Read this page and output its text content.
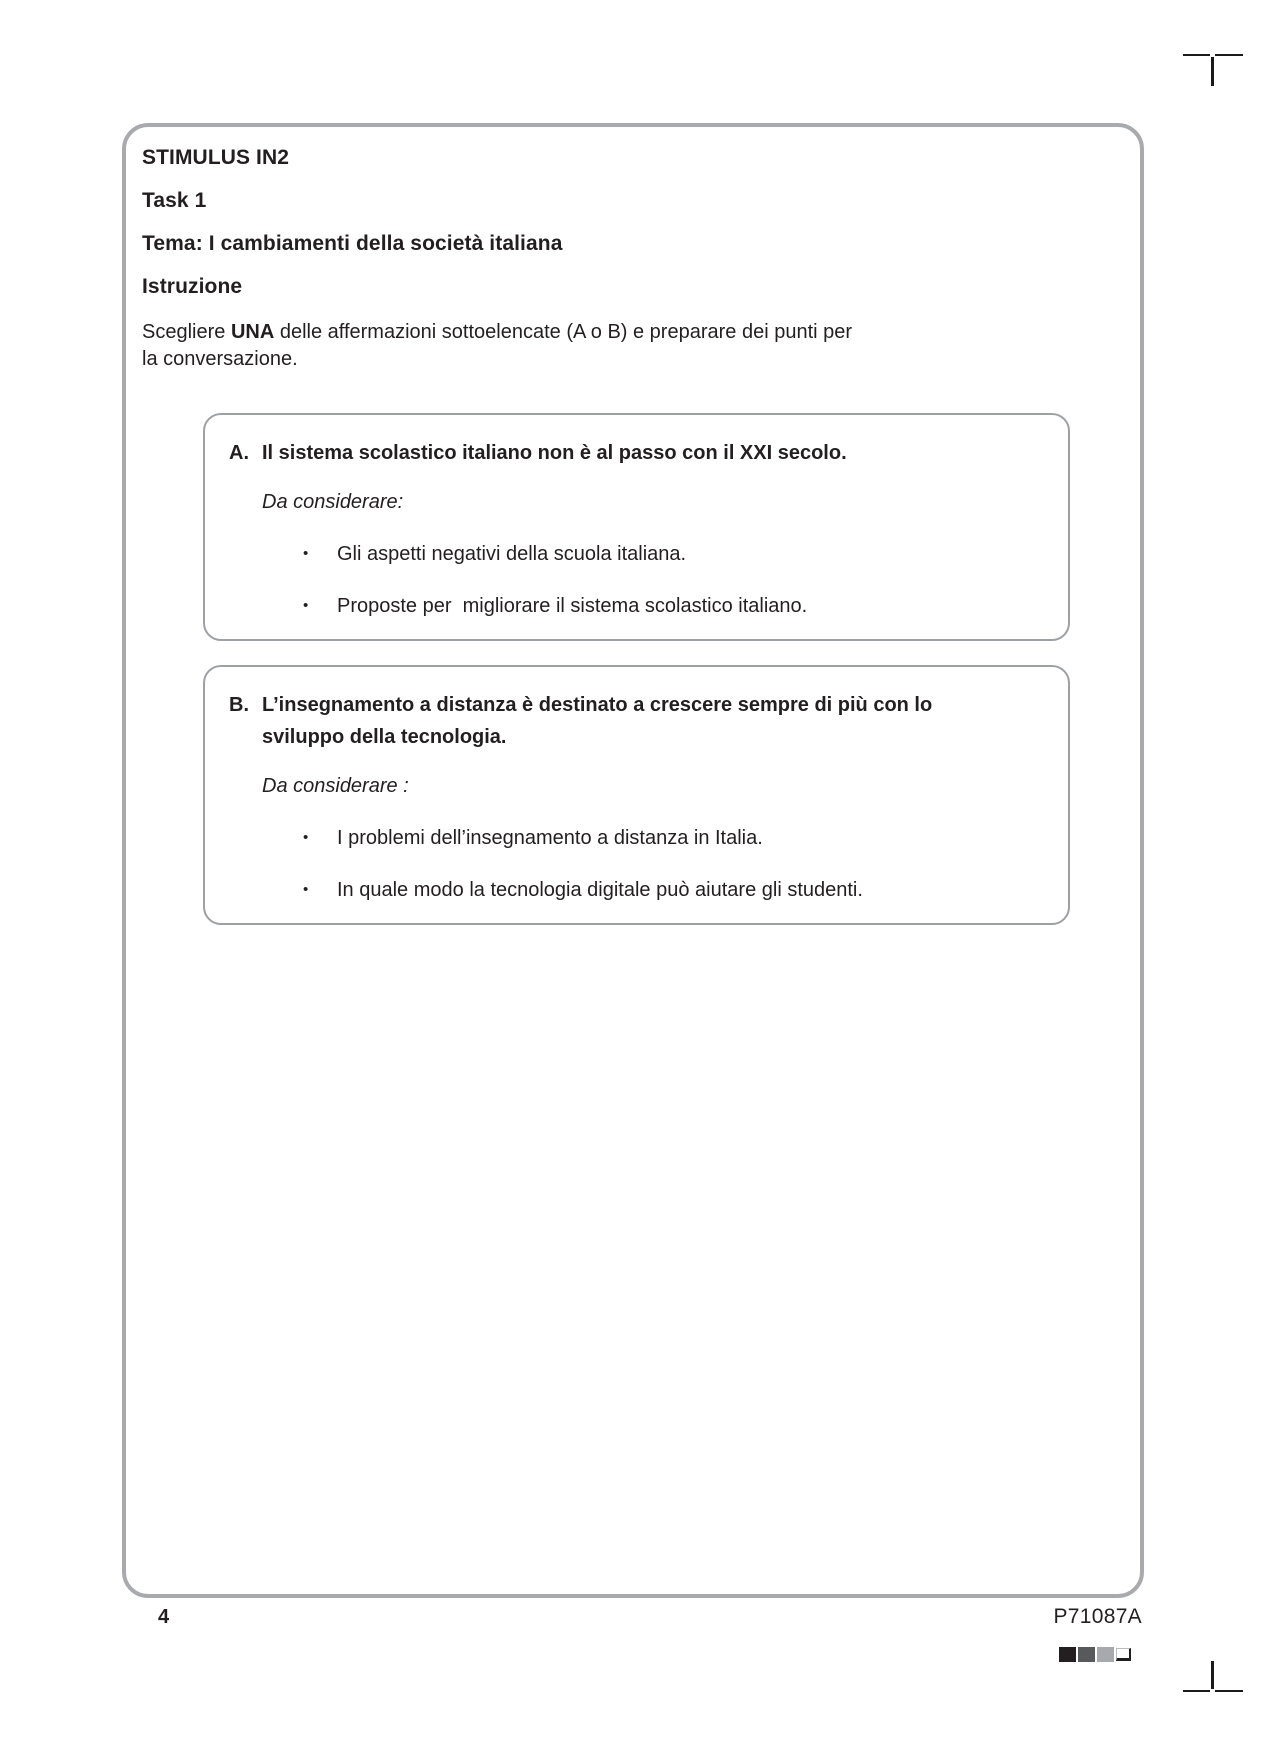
STIMULUS IN2

Task 1

Tema: I cambiamenti della società italiana

Istruzione

Scegliere UNA delle affermazioni sottoelencate (A o B) e preparare dei punti per
la conversazione.

A. Il sistema scolastico italiano non è al passo con il XXI secolo.
Da considerare:
•	Gli aspetti negativi della scuola italiana.
•	Proposte per  migliorare il sistema scolastico italiano.
B. L’insegnamento a distanza è destinato a crescere sempre di più con lo
sviluppo della tecnologia.
Da considerare :
•	I problemi dell’insegnamento a distanza in Italia.
•	In quale modo la tecnologia digitale può aiutare gli studenti.
4	P71087A
